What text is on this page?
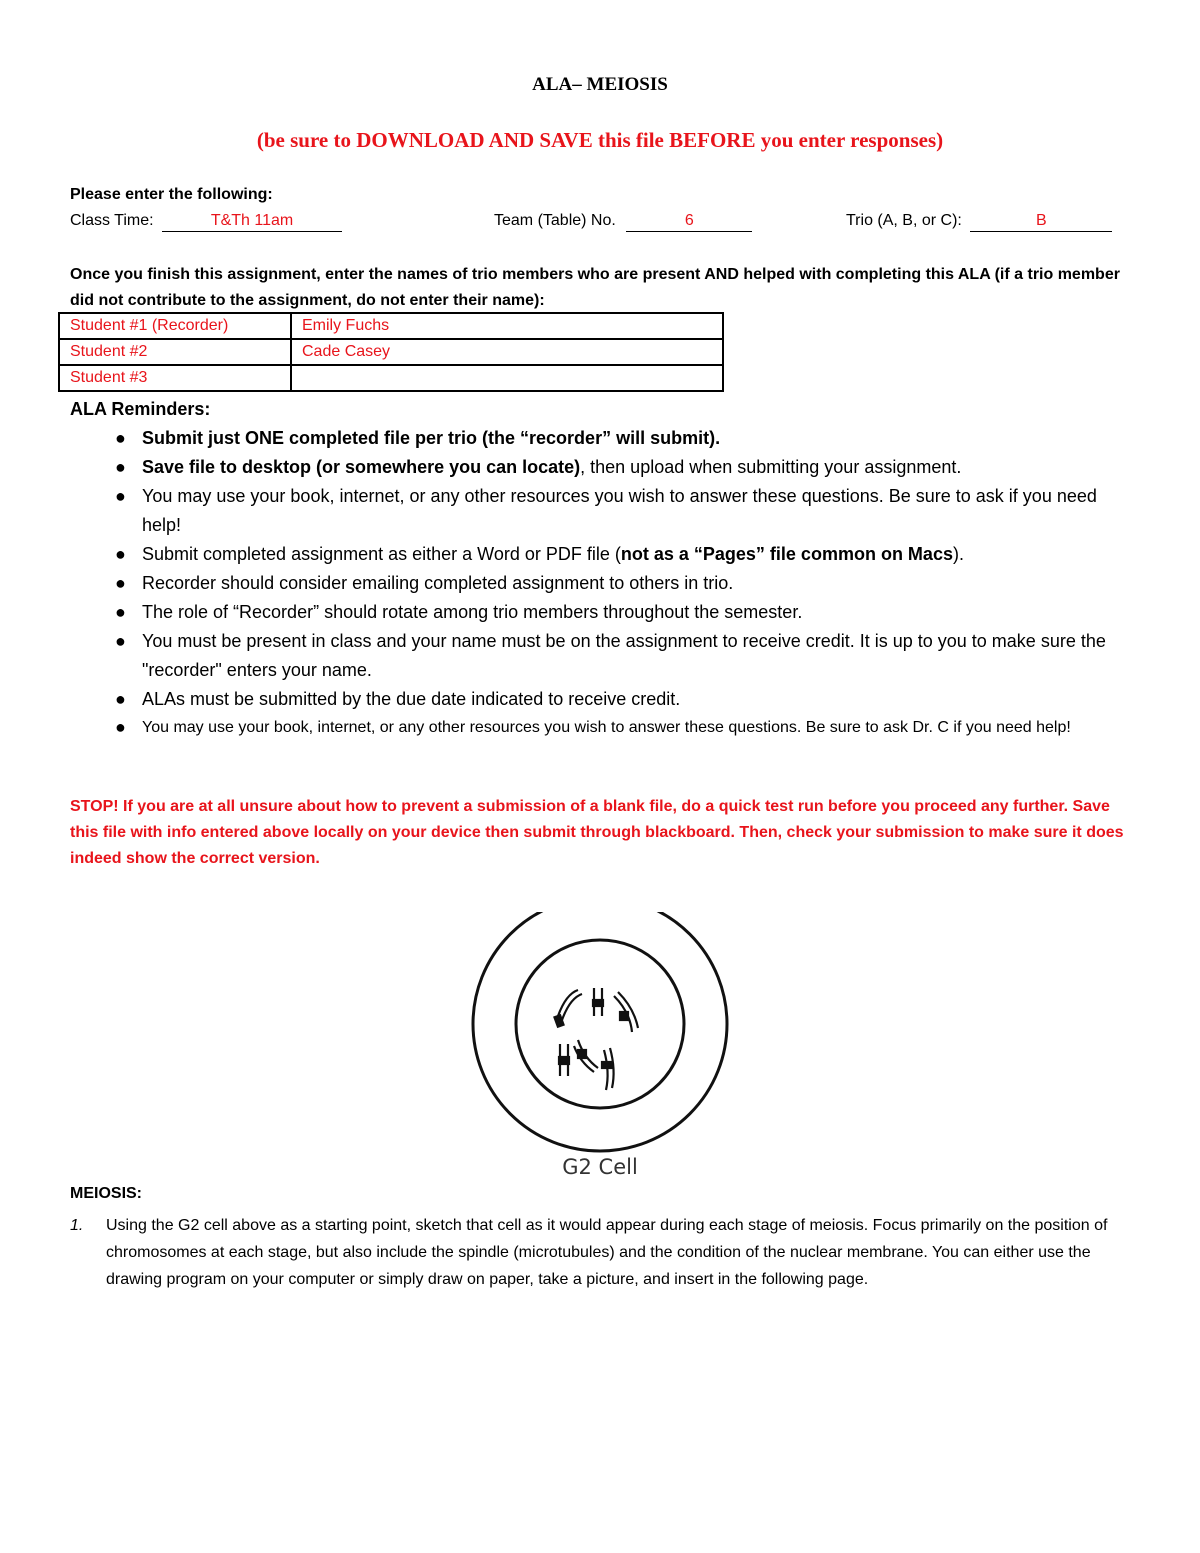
ALA– MEIOSIS
(be sure to DOWNLOAD AND SAVE this file BEFORE you enter responses)
Please enter the following:
Class Time:	T&Th 11am	Team (Table) No.	6	Trio (A, B, or C):	B
Once you finish this assignment, enter the names of trio members who are present AND helped with completing this ALA (if a trio member did not contribute to the assignment, do not enter their name):
Student #1 (Recorder)	Emily Fuchs
Student #2	Cade Casey
Student #3	
ALA Reminders:
● Submit just ONE completed file per trio (the “recorder” will submit).
● Save file to desktop (or somewhere you can locate), then upload when submitting your assignment.
● You may use your book, internet, or any other resources you wish to answer these questions. Be sure to ask if you need help!
● Submit completed assignment as either a Word or PDF file (not as a “Pages” file common on Macs).
● Recorder should consider emailing completed assignment to others in trio.
● The role of “Recorder” should rotate among trio members throughout the semester.
● You must be present in class and your name must be on the assignment to receive credit. It is up to you to make sure the "recorder" enters your name.
● ALAs must be submitted by the due date indicated to receive credit.
● You may use your book, internet, or any other resources you wish to answer these questions. Be sure to ask Dr. C if you need help!
STOP! If you are at all unsure about how to prevent a submission of a blank file, do a quick test run before you proceed any further. Save this file with info entered above locally on your device then submit through blackboard. Then, check your submission to make sure it does indeed show the correct version.
G2 Cell
MEIOSIS:
1.	Using the G2 cell above as a starting point, sketch that cell as it would appear during each stage of meiosis. Focus primarily on the position of chromosomes at each stage, but also include the spindle (microtubules) and the condition of the nuclear membrane. You can either use the drawing program on your computer or simply draw on paper, take a picture, and insert in the following page.
